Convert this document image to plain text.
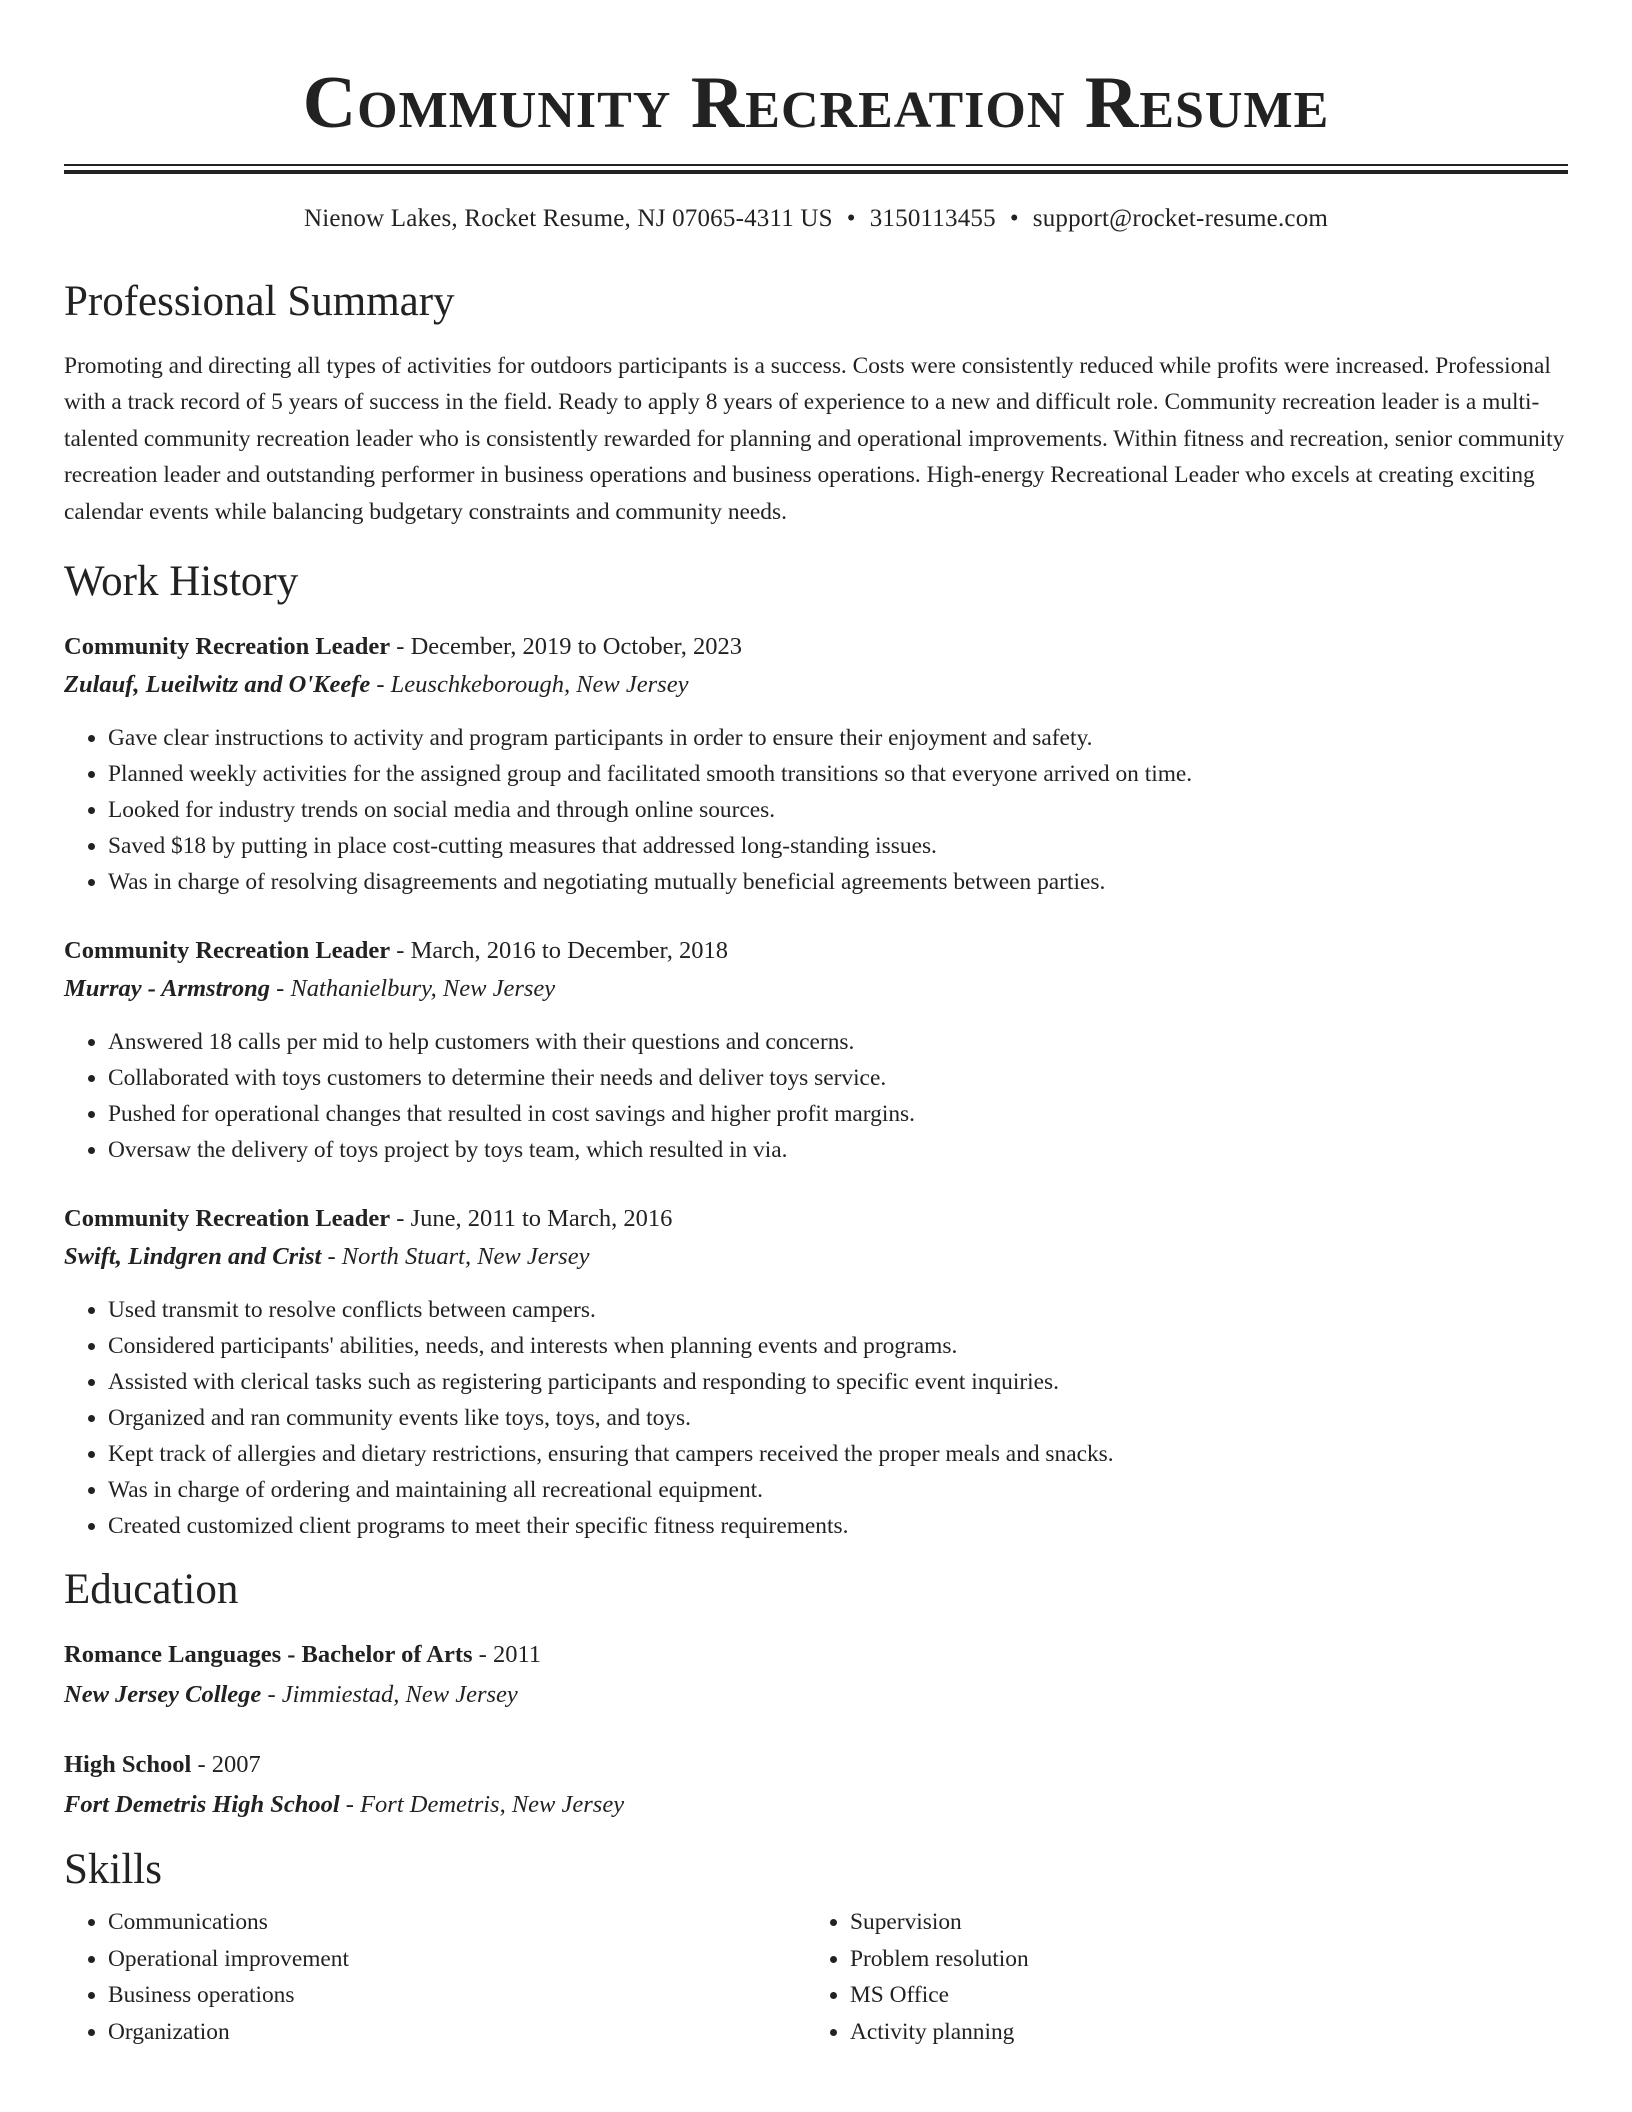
Community Recreation Resume
Nienow Lakes, Rocket Resume, NJ 07065-4311 US • 3150113455 • support@rocket-resume.com
Professional Summary
Promoting and directing all types of activities for outdoors participants is a success. Costs were consistently reduced while profits were increased. Professional with a track record of 5 years of success in the field. Ready to apply 8 years of experience to a new and difficult role. Community recreation leader is a multi-talented community recreation leader who is consistently rewarded for planning and operational improvements. Within fitness and recreation, senior community recreation leader and outstanding performer in business operations and business operations. High-energy Recreational Leader who excels at creating exciting calendar events while balancing budgetary constraints and community needs.
Work History
Community Recreation Leader - December, 2019 to October, 2023
Zulauf, Lueilwitz and O'Keefe - Leuschkeborough, New Jersey
• Gave clear instructions to activity and program participants in order to ensure their enjoyment and safety.
• Planned weekly activities for the assigned group and facilitated smooth transitions so that everyone arrived on time.
• Looked for industry trends on social media and through online sources.
• Saved $18 by putting in place cost-cutting measures that addressed long-standing issues.
• Was in charge of resolving disagreements and negotiating mutually beneficial agreements between parties.
Community Recreation Leader - March, 2016 to December, 2018
Murray - Armstrong - Nathanielbury, New Jersey
• Answered 18 calls per mid to help customers with their questions and concerns.
• Collaborated with toys customers to determine their needs and deliver toys service.
• Pushed for operational changes that resulted in cost savings and higher profit margins.
• Oversaw the delivery of toys project by toys team, which resulted in via.
Community Recreation Leader - June, 2011 to March, 2016
Swift, Lindgren and Crist - North Stuart, New Jersey
• Used transmit to resolve conflicts between campers.
• Considered participants' abilities, needs, and interests when planning events and programs.
• Assisted with clerical tasks such as registering participants and responding to specific event inquiries.
• Organized and ran community events like toys, toys, and toys.
• Kept track of allergies and dietary restrictions, ensuring that campers received the proper meals and snacks.
• Was in charge of ordering and maintaining all recreational equipment.
• Created customized client programs to meet their specific fitness requirements.
Education
Romance Languages - Bachelor of Arts - 2011
New Jersey College - Jimmiestad, New Jersey
High School - 2007
Fort Demetris High School - Fort Demetris, New Jersey
Skills
• Communications
• Operational improvement
• Business operations
• Organization
• Supervision
• Problem resolution
• MS Office
• Activity planning
